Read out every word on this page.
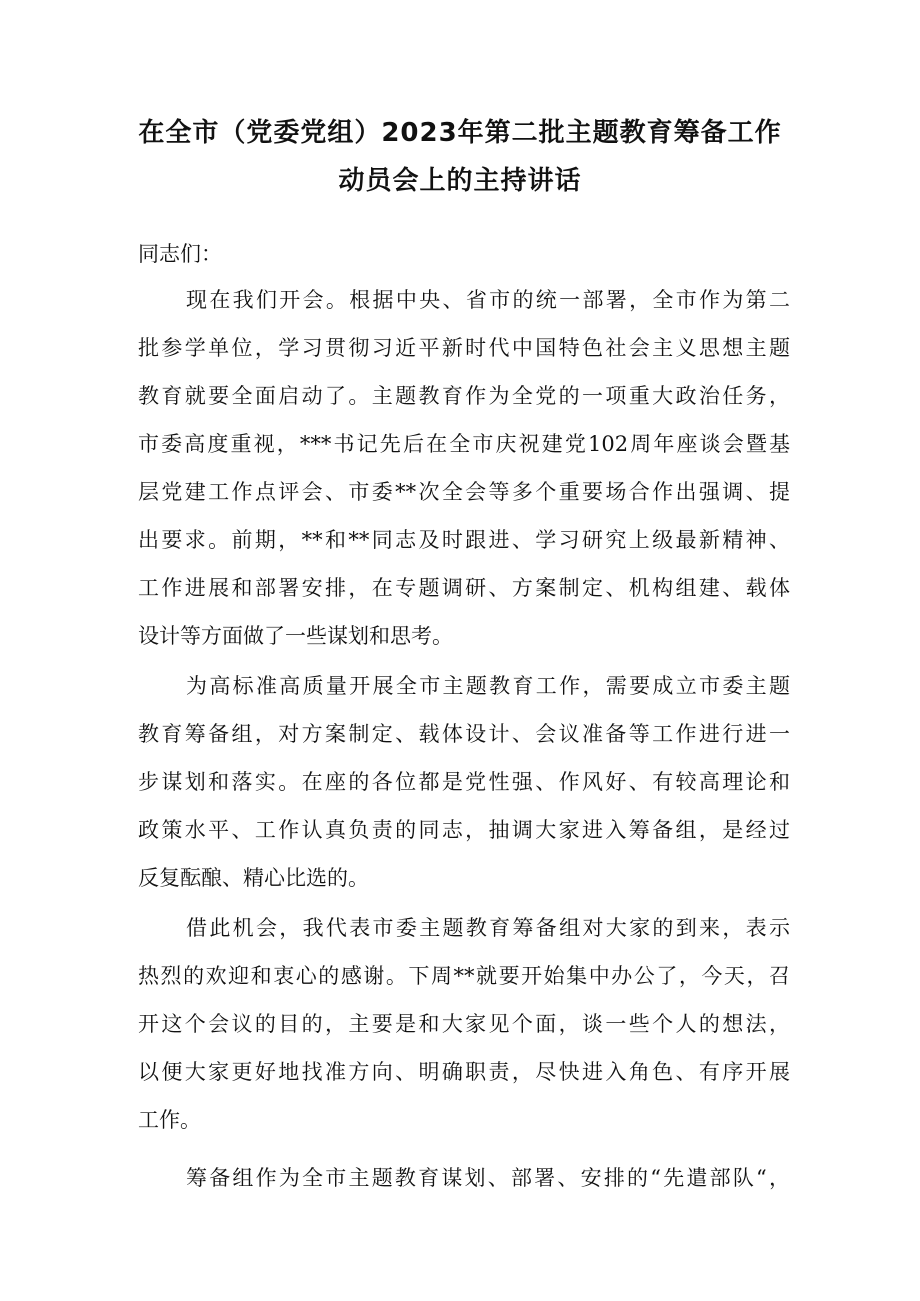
在全市（党委党组）2023年第二批主题教育筹备工作
动员会上的主持讲话
同志们：
现在我们开会。根据中央、省市的统一部署，全市作为第二
批参学单位，学习贯彻习近平新时代中国特色社会主义思想主题
教育就要全面启动了。主题教育作为全党的一项重大政治任务，
市委高度重视，***书记先后在全市庆祝建党102周年座谈会暨基
层党建工作点评会、市委**次全会等多个重要场合作出强调、提
出要求。前期，**和**同志及时跟进、学习研究上级最新精神、
工作进展和部署安排，在专题调研、方案制定、机构组建、载体
设计等方面做了一些谋划和思考。
为高标准高质量开展全市主题教育工作，需要成立市委主题
教育筹备组，对方案制定、载体设计、会议准备等工作进行进一
步谋划和落实。在座的各位都是党性强、作风好、有较高理论和
政策水平、工作认真负责的同志，抽调大家进入筹备组，是经过
反复酝酿、精心比选的。
借此机会，我代表市委主题教育筹备组对大家的到来，表示
热烈的欢迎和衷心的感谢。下周**就要开始集中办公了，今天，召
开这个会议的目的，主要是和大家见个面，谈一些个人的想法，
以便大家更好地找准方向、明确职责，尽快进入角色、有序开展
工作。
筹备组作为全市主题教育谋划、部署、安排的“先遣部队“，
